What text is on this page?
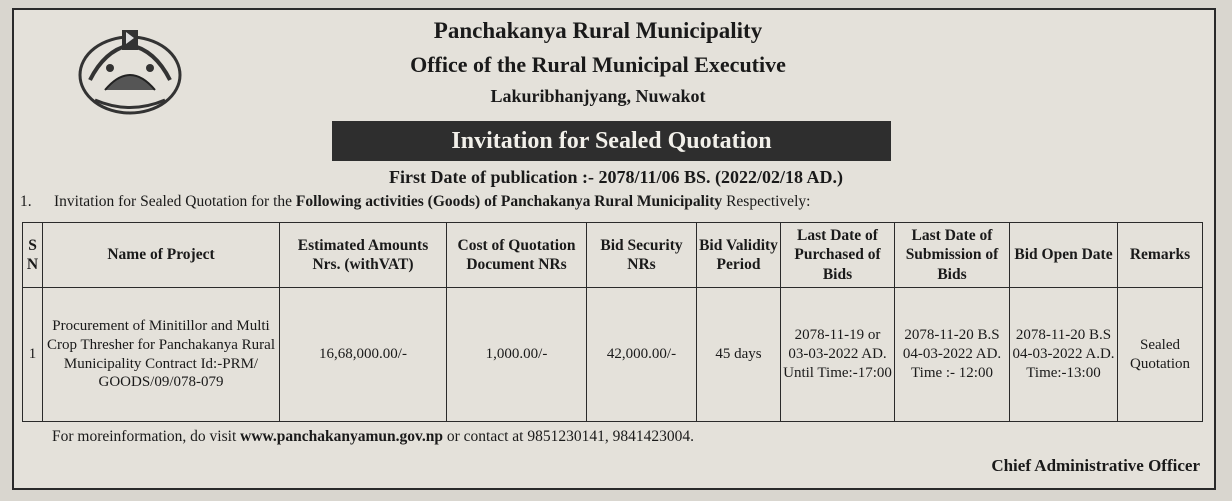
Panchakanya Rural Municipality
Office of the Rural Municipal Executive
Lakuribhanjyang, Nuwakot
Invitation for Sealed Quotation
First Date of publication :- 2078/11/06 BS. (2022/02/18 AD.)
1. Invitation for Sealed Quotation for the Following activities (Goods) of Panchakanya Rural Municipality Respectively:
S N	Name of Project	Estimated Amounts Nrs. (withVAT)	Cost of Quotation Document NRs	Bid Security NRs	Bid Validity Period	Last Date of Purchased of Bids	Last Date of Submission of Bids	Bid Open Date	Remarks
1	Procurement of Minitillor and Multi Crop Thresher for Panchakanya Rural Municipality Contract Id:-PRM/ GOODS/09/078-079	16,68,000.00/-	1,000.00/-	42,000.00/-	45 days	2078-11-19 or 03-03-2022 AD. Until Time:-17:00	2078-11-20 B.S 04-03-2022 AD. Time :- 12:00	2078-11-20 B.S 04-03-2022 A.D. Time:-13:00	Sealed Quotation
For moreinformation, do visit www.panchakanyamun.gov.np or contact at 9851230141, 9841423004.
Chief Administrative Officer
